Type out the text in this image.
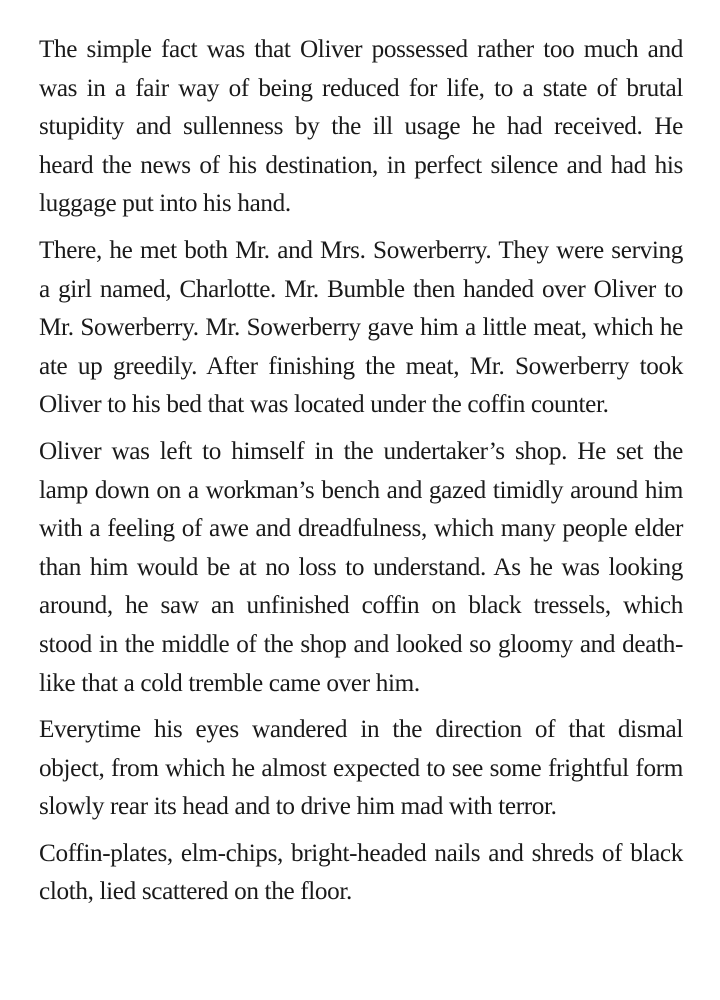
The simple fact was that Oliver possessed rather too much and was in a fair way of being reduced for life, to a state of brutal stupidity and sullenness by the ill usage he had received. He heard the news of his destination, in perfect silence and had his luggage put into his hand.

There, he met both Mr. and Mrs. Sowerberry. They were serving a girl named, Charlotte. Mr. Bumble then handed over Oliver to Mr. Sowerberry. Mr. Sowerberry gave him a little meat, which he ate up greedily. After finishing the meat, Mr. Sowerberry took Oliver to his bed that was located under the coffin counter.

Oliver was left to himself in the undertaker’s shop. He set the lamp down on a workman’s bench and gazed timidly around him with a feeling of awe and dreadfulness, which many people elder than him would be at no loss to understand. As he was looking around, he saw an unfinished coffin on black tressels, which stood in the middle of the shop and looked so gloomy and death-like that a cold tremble came over him.

Everytime his eyes wandered in the direction of that dismal object, from which he almost expected to see some frightful form slowly rear its head and to drive him mad with terror.

Coffin-plates, elm-chips, bright-headed nails and shreds of black cloth, lied scattered on the floor.
